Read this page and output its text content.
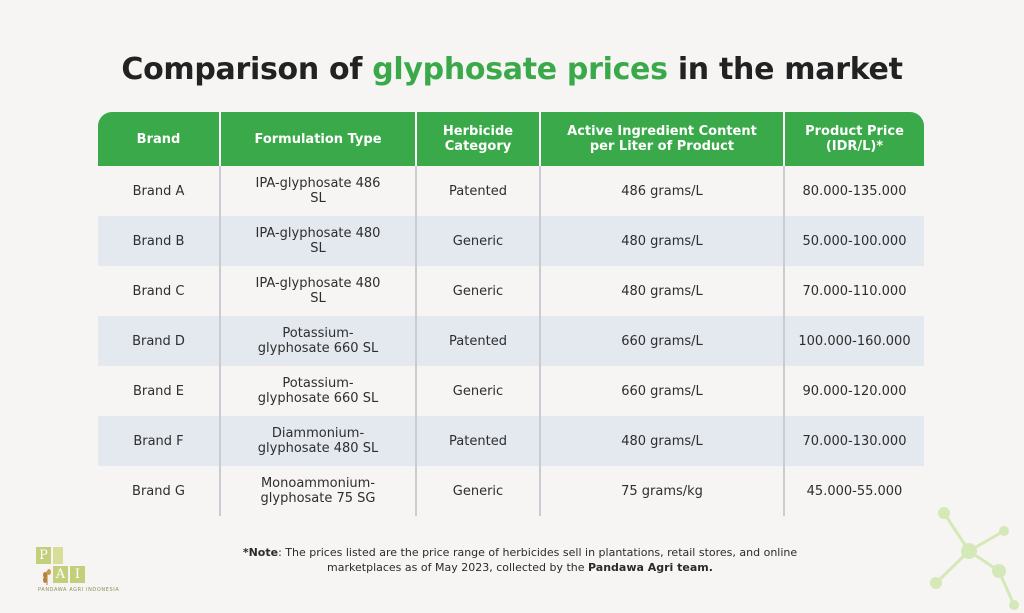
Comparison of glyphosate prices in the market
Brand	Formulation Type	Herbicide Category	Active Ingredient Content per Liter of Product	Product Price (IDR/L)*
Brand A	IPA-glyphosate 486 SL	Patented	486 grams/L	80.000-135.000
Brand B	IPA-glyphosate 480 SL	Generic	480 grams/L	50.000-100.000
Brand C	IPA-glyphosate 480 SL	Generic	480 grams/L	70.000-110.000
Brand D	Potassium-glyphosate 660 SL	Patented	660 grams/L	100.000-160.000
Brand E	Potassium-glyphosate 660 SL	Generic	660 grams/L	90.000-120.000
Brand F	Diammonium-glyphosate 480 SL	Patented	480 grams/L	70.000-130.000
Brand G	Monoammonium-glyphosate 75 SG	Generic	75 grams/kg	45.000-55.000
*Note: The prices listed are the price range of herbicides sell in plantations, retail stores, and online marketplaces as of May 2023, collected by the Pandawa Agri team.
P
A I
PANDAWA AGRI INDONESIA
